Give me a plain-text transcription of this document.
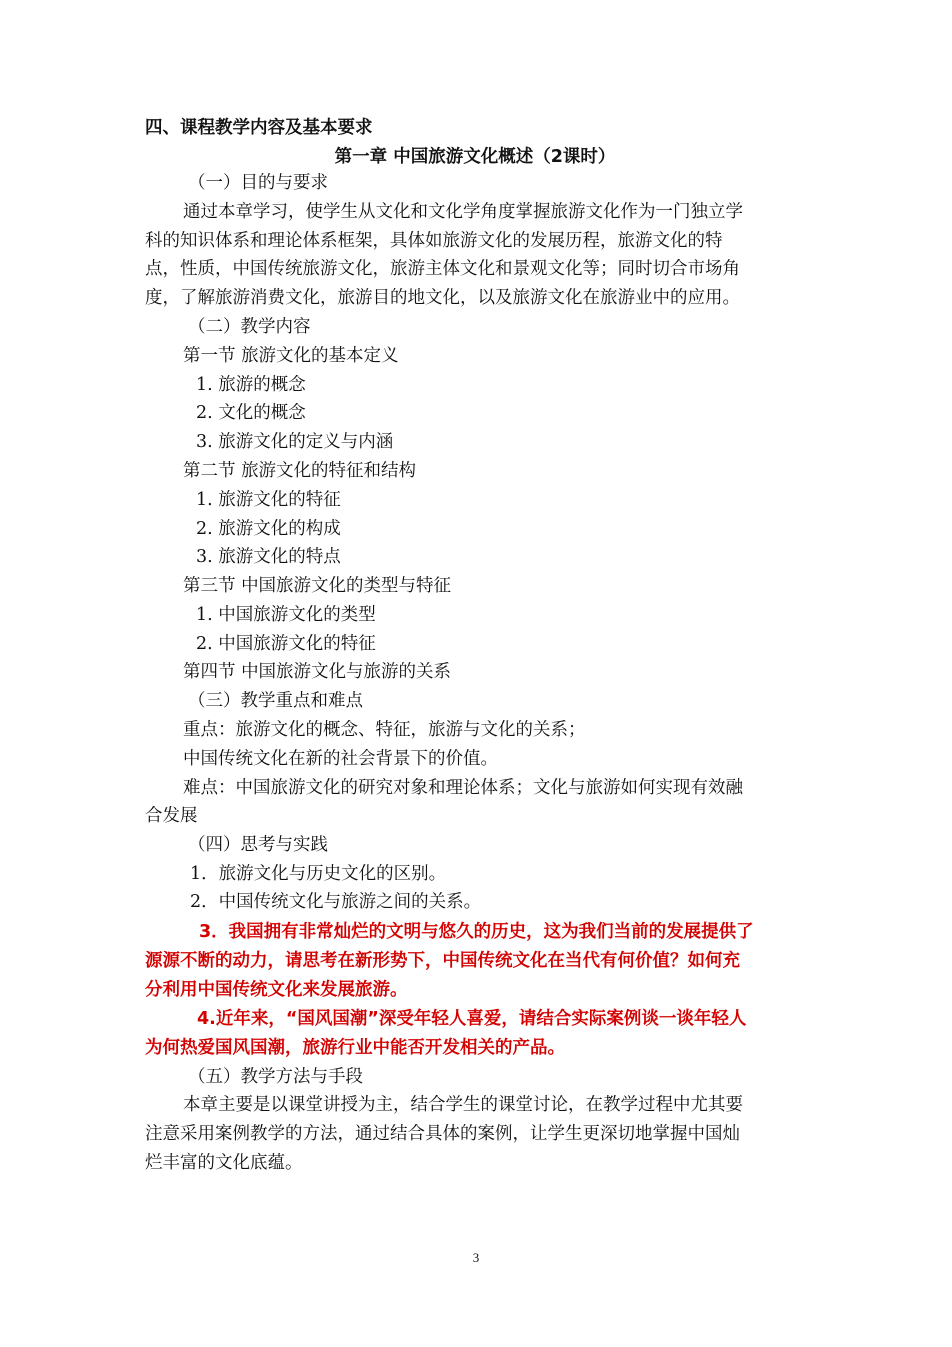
四、课程教学内容及基本要求

第一章 中国旅游文化概述（2课时）

（一）目的与要求

通过本章学习，使学生从文化和文化学角度掌握旅游文化作为一门独立学

科的知识体系和理论体系框架，具体如旅游文化的发展历程，旅游文化的特

点，性质，中国传统旅游文化，旅游主体文化和景观文化等；同时切合市场角

度，了解旅游消费文化，旅游目的地文化，以及旅游文化在旅游业中的应用。

（二）教学内容

第一节 旅游文化的基本定义

1. 旅游的概念

2. 文化的概念

3. 旅游文化的定义与内涵

第二节 旅游文化的特征和结构

1. 旅游文化的特征

2. 旅游文化的构成

3. 旅游文化的特点

第三节 中国旅游文化的类型与特征

1. 中国旅游文化的类型

2. 中国旅游文化的特征

第四节 中国旅游文化与旅游的关系

（三）教学重点和难点

重点：旅游文化的概念、特征，旅游与文化的关系；

中国传统文化在新的社会背景下的价值。

难点：中国旅游文化的研究对象和理论体系；文化与旅游如何实现有效融

合发展

（四）思考与实践

1．旅游文化与历史文化的区别。

2．中国传统文化与旅游之间的关系。

3．我国拥有非常灿烂的文明与悠久的历史，这为我们当前的发展提供了

源源不断的动力，请思考在新形势下，中国传统文化在当代有何价值？如何充

分利用中国传统文化来发展旅游。

4.近年来，“国风国潮”深受年轻人喜爱，请结合实际案例谈一谈年轻人

为何热爱国风国潮，旅游行业中能否开发相关的产品。

（五）教学方法与手段

本章主要是以课堂讲授为主，结合学生的课堂讨论，在教学过程中尤其要

注意采用案例教学的方法，通过结合具体的案例，让学生更深切地掌握中国灿

烂丰富的文化底蕴。

3
